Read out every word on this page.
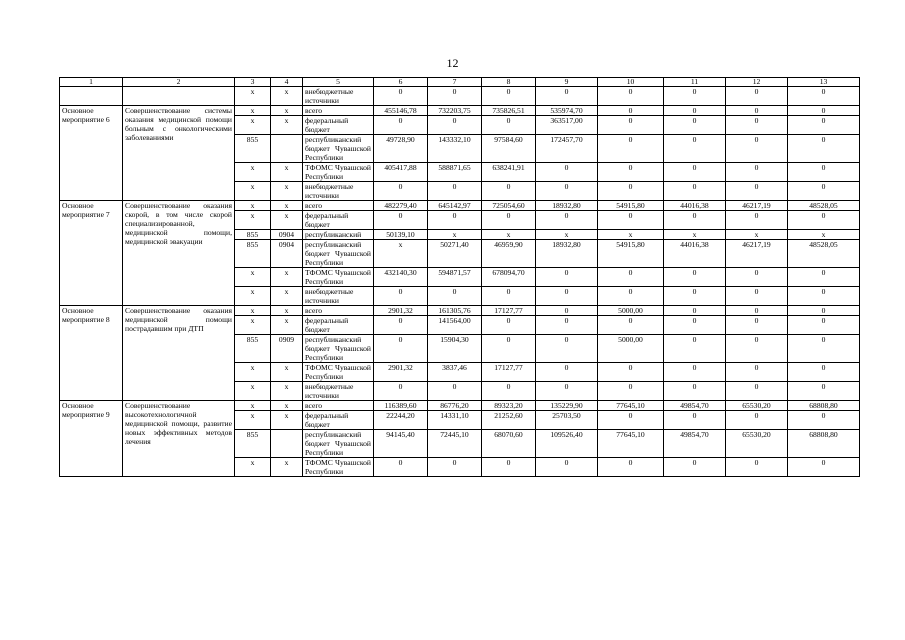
12
1	2	3	4	5	6	7	8	9	10	11	12	13
		х	х	внебюджетные источники	0	0	0	0	0	0	0	0
Основное мероприятие 6	Совершенствование системы оказания медицинской помощи больным с онкологическими заболеваниями	х	х	всего	455146,78	732203,75	735826,51	535974,70	0	0	0	0
		х	х	федеральный бюджет	0	0	0	363517,00	0	0	0	0
		855		республиканский бюджет Чувашской Республики	49728,90	143332,10	97584,60	172457,70	0	0	0	0
		х	х	ТФОМС Чувашской Республики	405417,88	588871,65	638241,91	0	0	0	0	0
		х	х	внебюджетные источники	0	0	0	0	0	0	0	0
Основное мероприятие 7	Совершенствование оказания скорой, в том числе скорой специализированной, медицинской помощи, медицинской эвакуации	х	х	всего	482279,40	645142,97	725054,60	18932,80	54915,80	44016,38	46217,19	48528,05
		х	х	федеральный бюджет	0	0	0	0	0	0	0	0
		855	0904	республиканский	50139,10	х	х	х	х	х	х	х
		855	0904	республиканский бюджет Чувашской Республики	х	50271,40	46959,90	18932,80	54915,80	44016,38	46217,19	48528,05
		х	х	ТФОМС Чувашской Республики	432140,30	594871,57	678094,70	0	0	0	0	0
		х	х	внебюджетные источники	0	0	0	0	0	0	0	0
Основное мероприятие 8	Совершенствование оказания медицинской помощи пострадавшим при ДТП	х	х	всего	2901,32	161305,76	17127,77	0	5000,00	0	0	0
		х	х	федеральный бюджет	0	141564,00	0	0	0	0	0	0
		855	0909	республиканский бюджет Чувашской Республики	0	15904,30	0	0	5000,00	0	0	0
		х	х	ТФОМС Чувашской Республики	2901,32	3837,46	17127,77	0	0	0	0	0
		х	х	внебюджетные источники	0	0	0	0	0	0	0	0
Основное мероприятие 9	Совершенствование высокотехнологичной медицинской помощи, развитие новых эффективных методов лечения	х	х	всего	116389,60	86776,20	89323,20	135229,90	77645,10	49854,70	65530,20	68808,80
		х	х	федеральный бюджет	22244,20	14331,10	21252,60	25703,50	0	0	0	0
		855		республиканский бюджет Чувашской Республики	94145,40	72445,10	68070,60	109526,40	77645,10	49854,70	65530,20	68808,80
		х	х	ТФОМС Чувашской Республики	0	0	0	0	0	0	0	0
